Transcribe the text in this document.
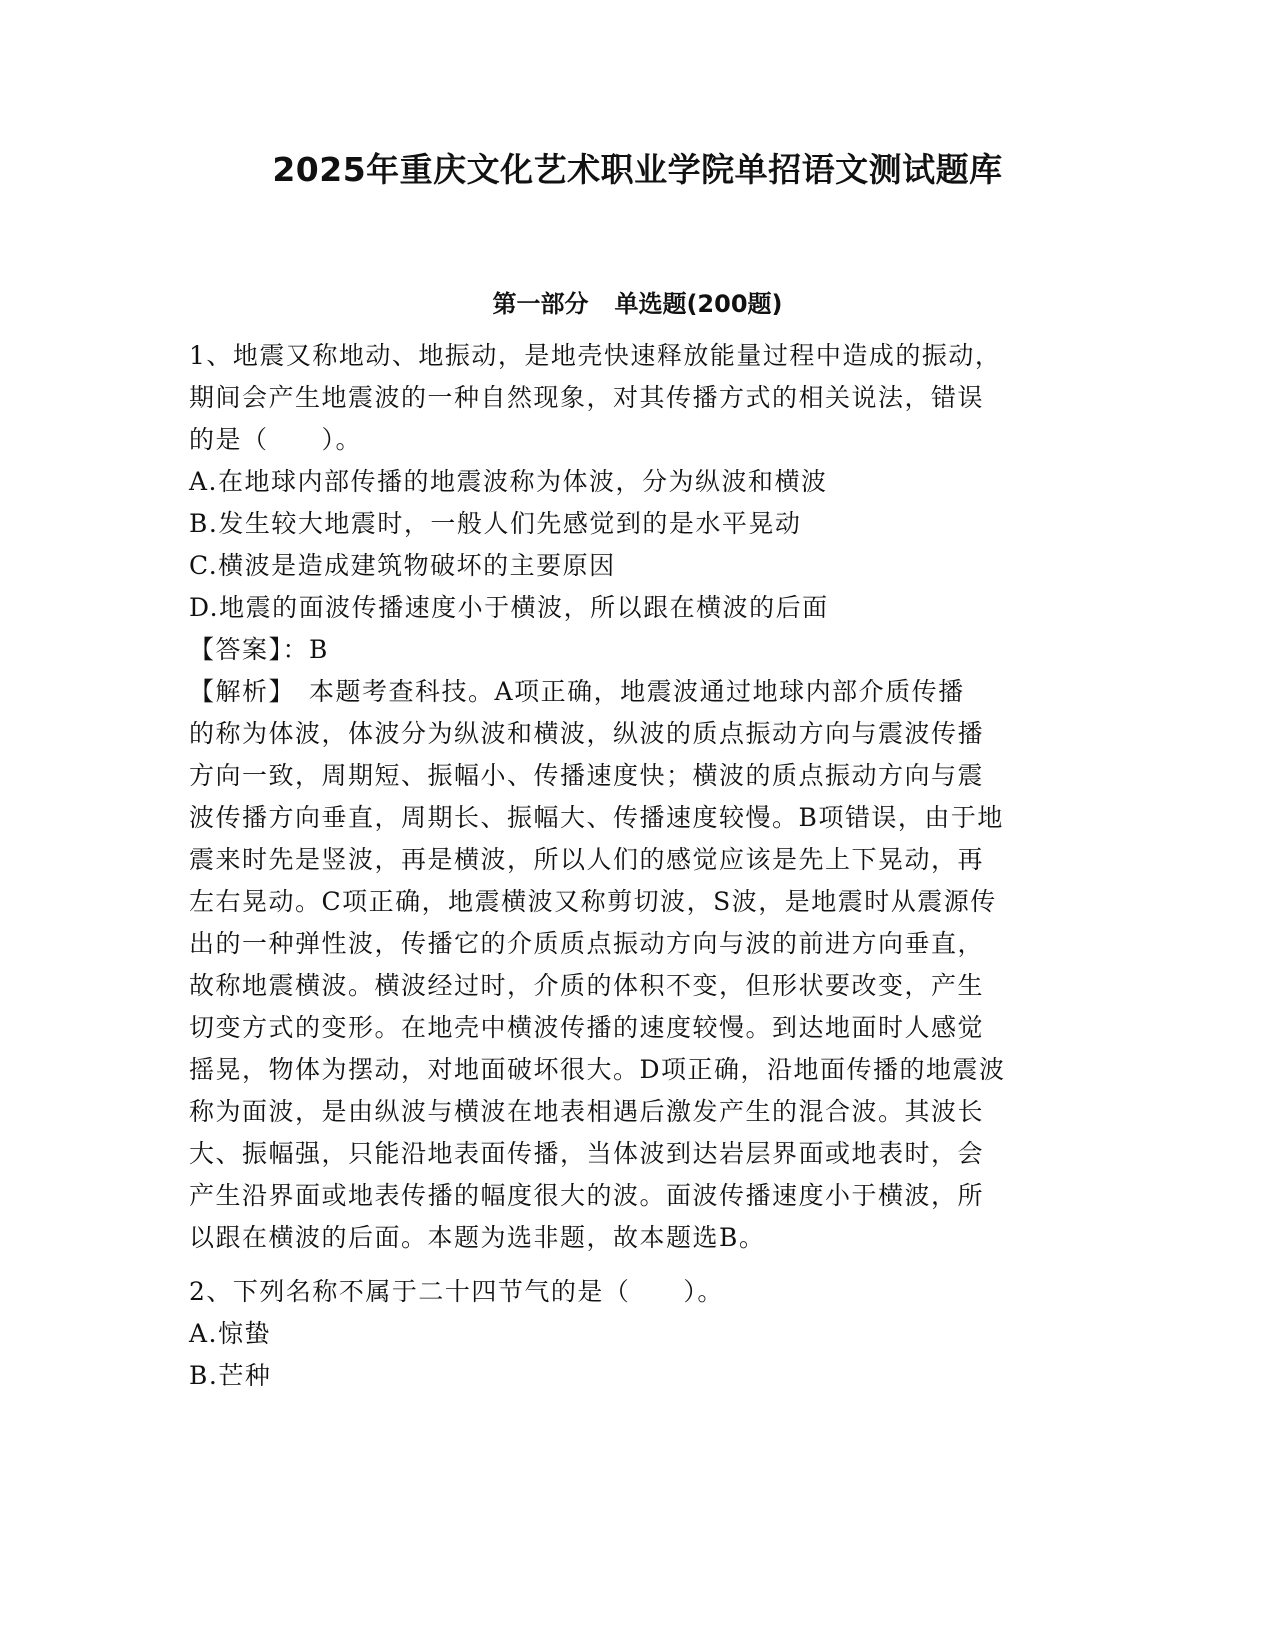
2025年重庆文化艺术职业学院单招语文测试题库
第一部分 单选题(200题)
1、地震又称地动、地振动，是地壳快速释放能量过程中造成的振动，
期间会产生地震波的一种自然现象，对其传播方式的相关说法，错误
的是（　　）。
A.在地球内部传播的地震波称为体波，分为纵波和横波
B.发生较大地震时，一般人们先感觉到的是水平晃动
C.横波是造成建筑物破坏的主要原因
D.地震的面波传播速度小于横波，所以跟在横波的后面
【答案】：B
【解析】　本题考查科技。A项正确，地震波通过地球内部介质传播
的称为体波，体波分为纵波和横波，纵波的质点振动方向与震波传播
方向一致，周期短、振幅小、传播速度快；横波的质点振动方向与震
波传播方向垂直，周期长、振幅大、传播速度较慢。B项错误，由于地
震来时先是竖波，再是横波，所以人们的感觉应该是先上下晃动，再
左右晃动。C项正确，地震横波又称剪切波，S波，是地震时从震源传
出的一种弹性波，传播它的介质质点振动方向与波的前进方向垂直，
故称地震横波。横波经过时，介质的体积不变，但形状要改变，产生
切变方式的变形。在地壳中横波传播的速度较慢。到达地面时人感觉
摇晃，物体为摆动，对地面破坏很大。D项正确，沿地面传播的地震波
称为面波，是由纵波与横波在地表相遇后激发产生的混合波。其波长
大、振幅强，只能沿地表面传播，当体波到达岩层界面或地表时，会
产生沿界面或地表传播的幅度很大的波。面波传播速度小于横波，所
以跟在横波的后面。本题为选非题，故本题选B。
2、下列名称不属于二十四节气的是（　　）。
A.惊蛰
B.芒种
